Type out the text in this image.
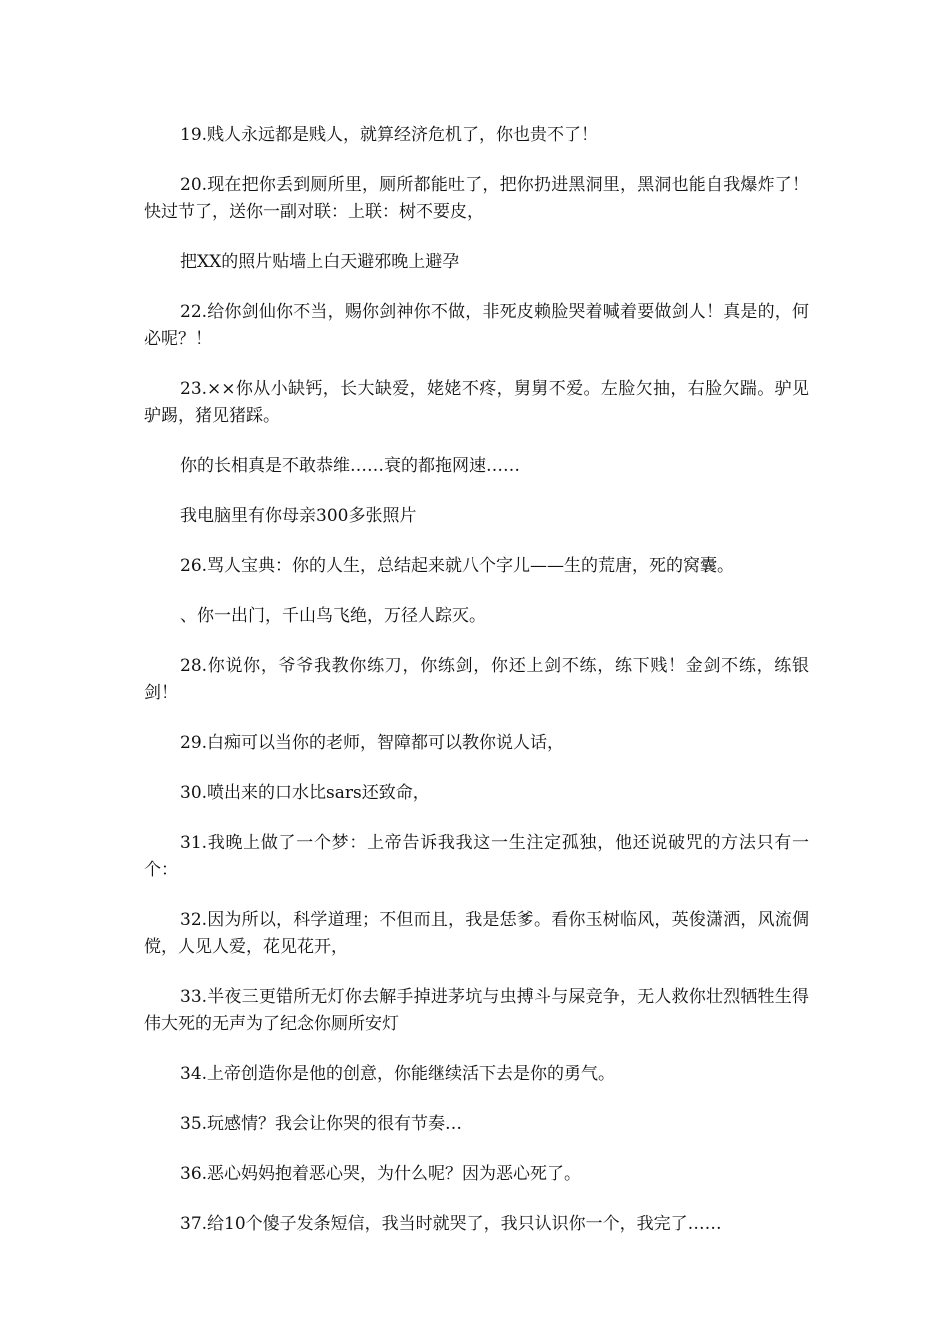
19.贱人永远都是贱人，就算经济危机了，你也贵不了！

20.现在把你丢到厕所里，厕所都能吐了，把你扔进黑洞里，黑洞也能自我爆炸了！快过节了，送你一副对联：上联：树不要皮，

把XX的照片贴墙上白天避邪晚上避孕

22.给你剑仙你不当，赐你剑神你不做，非死皮赖脸哭着喊着要做剑人！真是的，何必呢？！

23.××你从小缺钙，长大缺爱，姥姥不疼，舅舅不爱。左脸欠抽，右脸欠踹。驴见驴踢，猪见猪踩。

你的长相真是不敢恭维……衰的都拖网速……

我电脑里有你母亲300多张照片

26.骂人宝典：你的人生，总结起来就八个字儿——生的荒唐，死的窝囊。

、你一出门，千山鸟飞绝，万径人踪灭。

28.你说你，爷爷我教你练刀，你练剑，你还上剑不练，练下贱！金剑不练，练银剑！

29.白痴可以当你的老师，智障都可以教你说人话，

30.喷出来的口水比sars还致命，

31.我晚上做了一个梦：上帝告诉我我这一生注定孤独，他还说破咒的方法只有一个：

32.因为所以，科学道理；不但而且，我是恁爹。看你玉树临风，英俊潇洒，风流倜傥，人见人爱，花见花开，

33.半夜三更错所无灯你去解手掉进茅坑与虫搏斗与屎竞争，无人救你壮烈牺牲生得伟大死的无声为了纪念你厕所安灯

34.上帝创造你是他的创意，你能继续活下去是你的勇气。

35.玩感情？我会让你哭的很有节奏…

36.恶心妈妈抱着恶心哭，为什么呢？因为恶心死了。

37.给10个傻子发条短信，我当时就哭了，我只认识你一个，我完了……
